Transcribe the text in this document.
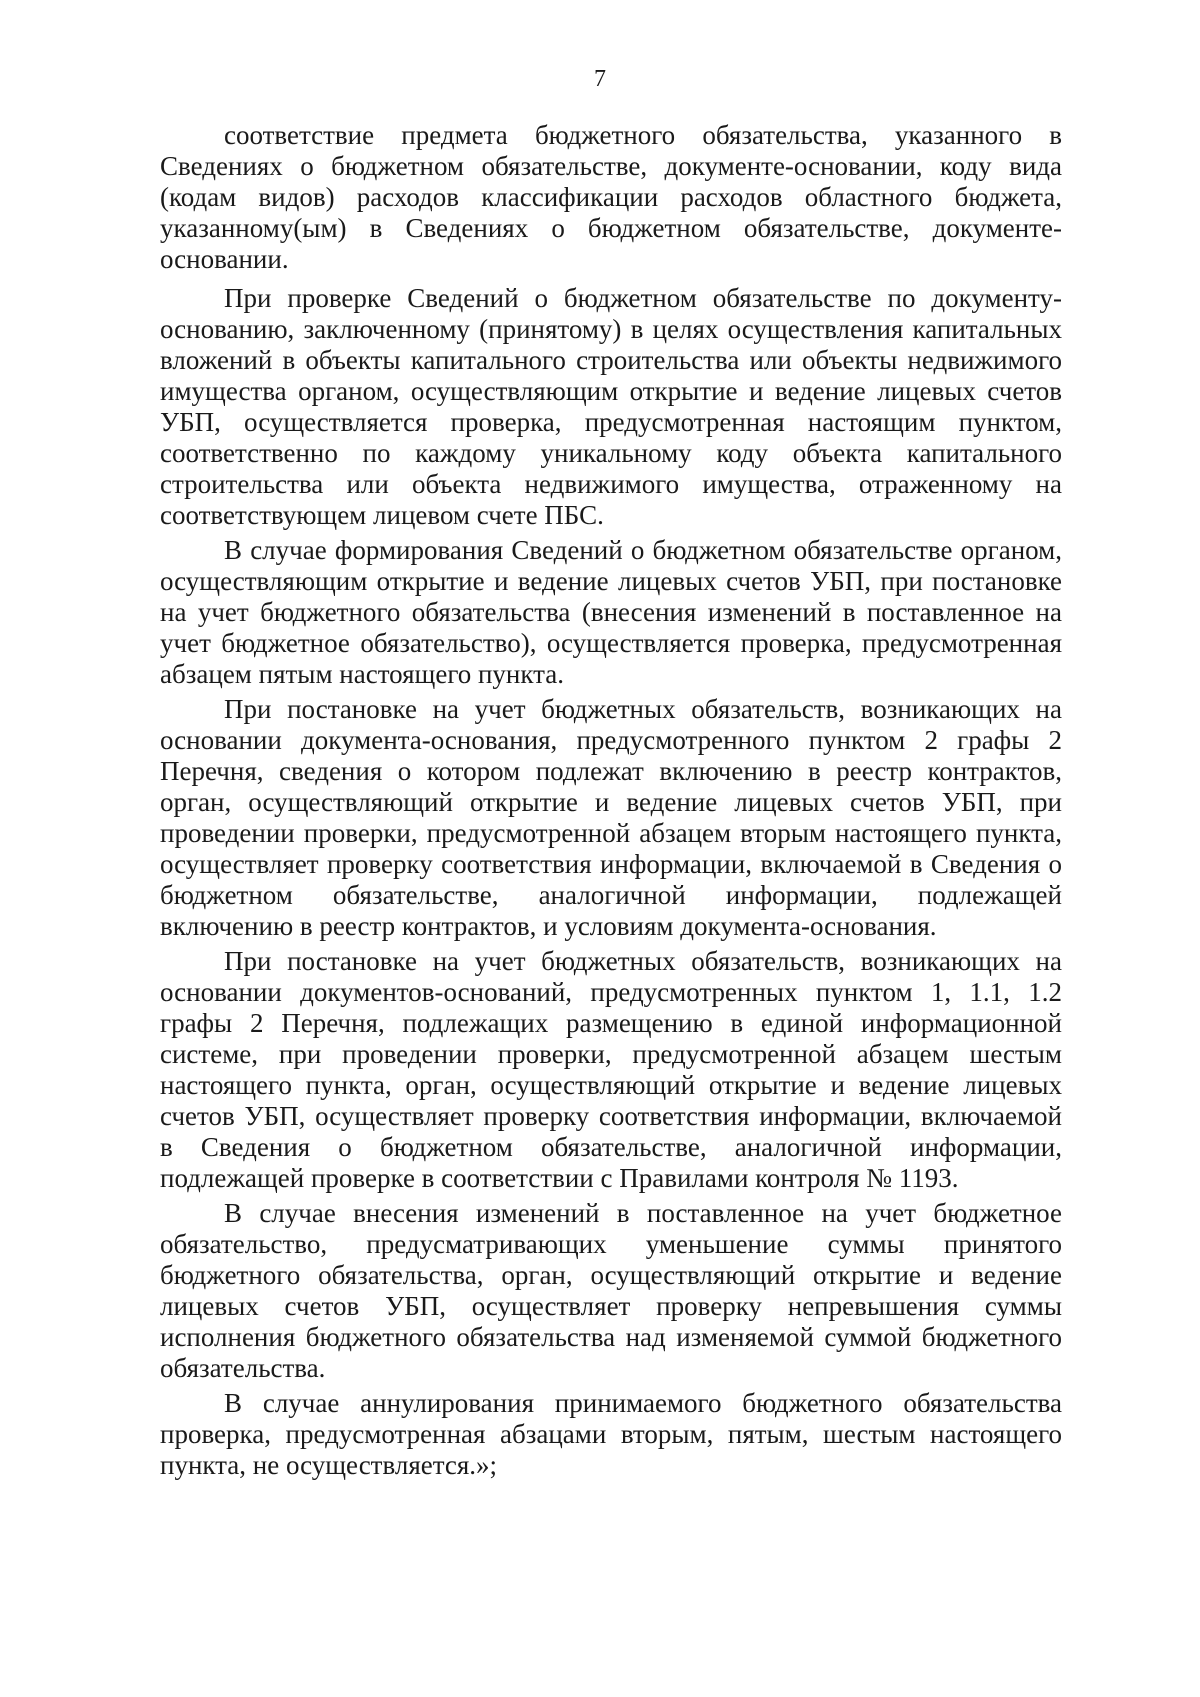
7

соответствие предмета бюджетного обязательства, указанного в Сведениях о бюджетном обязательстве, документе-основании, коду вида (кодам видов) расходов классификации расходов областного бюджета, указанному(ым) в Сведениях о бюджетном обязательстве, документе-основании.

При проверке Сведений о бюджетном обязательстве по документу-основанию, заключенному (принятому) в целях осуществления капитальных вложений в объекты капитального строительства или объекты недвижимого имущества органом, осуществляющим открытие и ведение лицевых счетов УБП, осуществляется проверка, предусмотренная настоящим пунктом, соответственно по каждому уникальному коду объекта капитального строительства или объекта недвижимого имущества, отраженному на соответствующем лицевом счете ПБС.

В случае формирования Сведений о бюджетном обязательстве органом, осуществляющим открытие и ведение лицевых счетов УБП, при постановке на учет бюджетного обязательства (внесения изменений в поставленное на учет бюджетное обязательство), осуществляется проверка, предусмотренная абзацем пятым настоящего пункта.

При постановке на учет бюджетных обязательств, возникающих на основании документа-основания, предусмотренного пунктом 2 графы 2 Перечня, сведения о котором подлежат включению в реестр контрактов, орган, осуществляющий открытие и ведение лицевых счетов УБП, при проведении проверки, предусмотренной абзацем вторым настоящего пункта, осуществляет проверку соответствия информации, включаемой в Сведения о бюджетном обязательстве, аналогичной информации, подлежащей включению в реестр контрактов, и условиям документа-основания.

При постановке на учет бюджетных обязательств, возникающих на основании документов-оснований, предусмотренных пунктом 1, 1.1, 1.2 графы 2 Перечня, подлежащих размещению в единой информационной системе, при проведении проверки, предусмотренной абзацем шестым настоящего пункта, орган, осуществляющий открытие и ведение лицевых счетов УБП, осуществляет проверку соответствия информации, включаемой в Сведения о бюджетном обязательстве, аналогичной информации, подлежащей проверке в соответствии с Правилами контроля № 1193.

В случае внесения изменений в поставленное на учет бюджетное обязательство, предусматривающих уменьшение суммы принятого бюджетного обязательства, орган, осуществляющий открытие и ведение лицевых счетов УБП, осуществляет проверку непревышения суммы исполнения бюджетного обязательства над изменяемой суммой бюджетного обязательства.

В случае аннулирования принимаемого бюджетного обязательства проверка, предусмотренная абзацами вторым, пятым, шестым настоящего пункта, не осуществляется.»;
